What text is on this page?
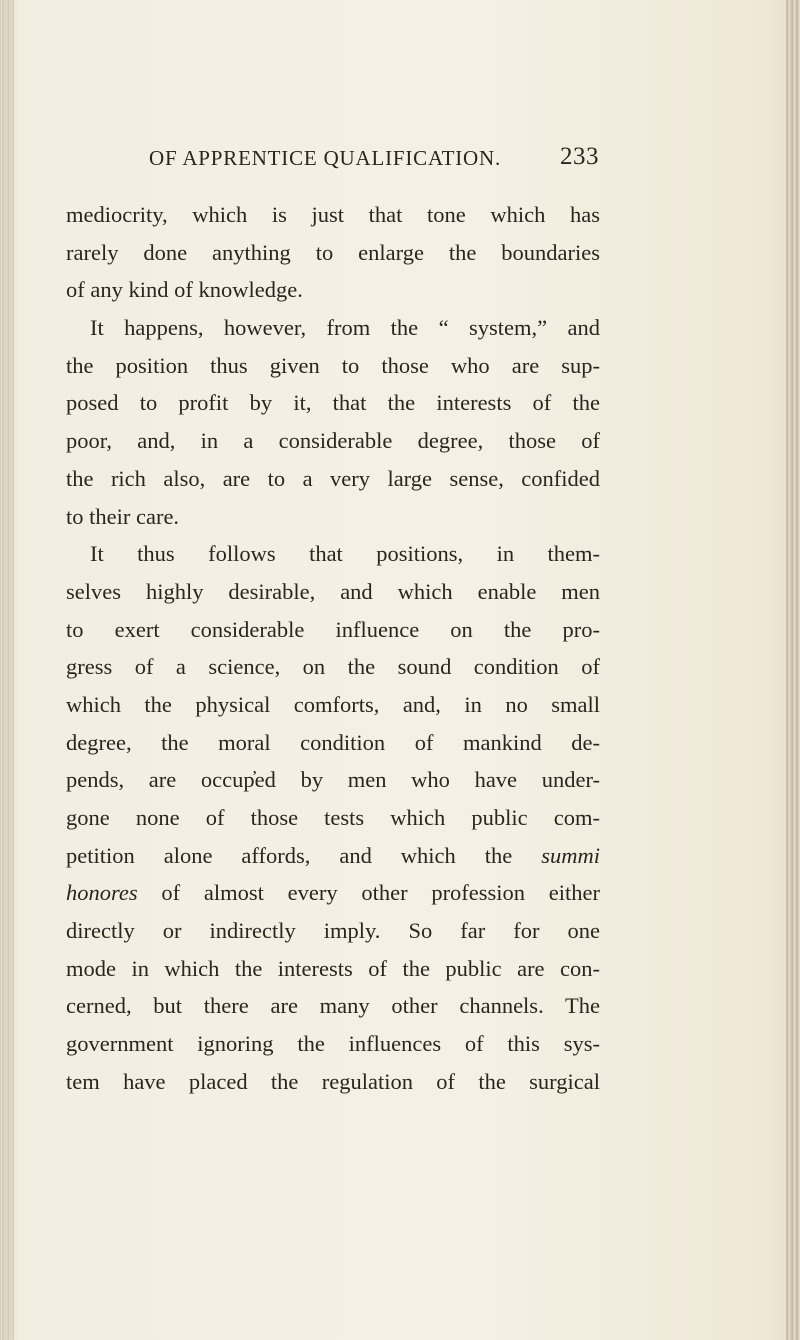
OF APPRENTICE QUALIFICATION. 233
mediocrity, which is just that tone which has
rarely done anything to enlarge the boundaries
of any kind of knowledge.
It happens, however, from the “ system,” and
the position thus given to those who are sup-
posed to profit by it, that the interests of the
poor, and, in a considerable degree, those of
the rich also, are to a very large sense, confided
to their care.
It thus follows that positions, in them-
selves highly desirable, and which enable men
to exert considerable influence on the pro-
gress of a science, on the sound condition of
which the physical comforts, and, in no small
degree, the moral condition of mankind de-
pends, are occup̓ed by men who have under-
gone none of those tests which public com-
petition alone affords, and which the summi
honores of almost every other profession either
directly or indirectly imply. So far for one
mode in which the interests of the public are con-
cerned, but there are many other channels. The
government ignoring the influences of this sys-
tem have placed the regulation of the surgical
